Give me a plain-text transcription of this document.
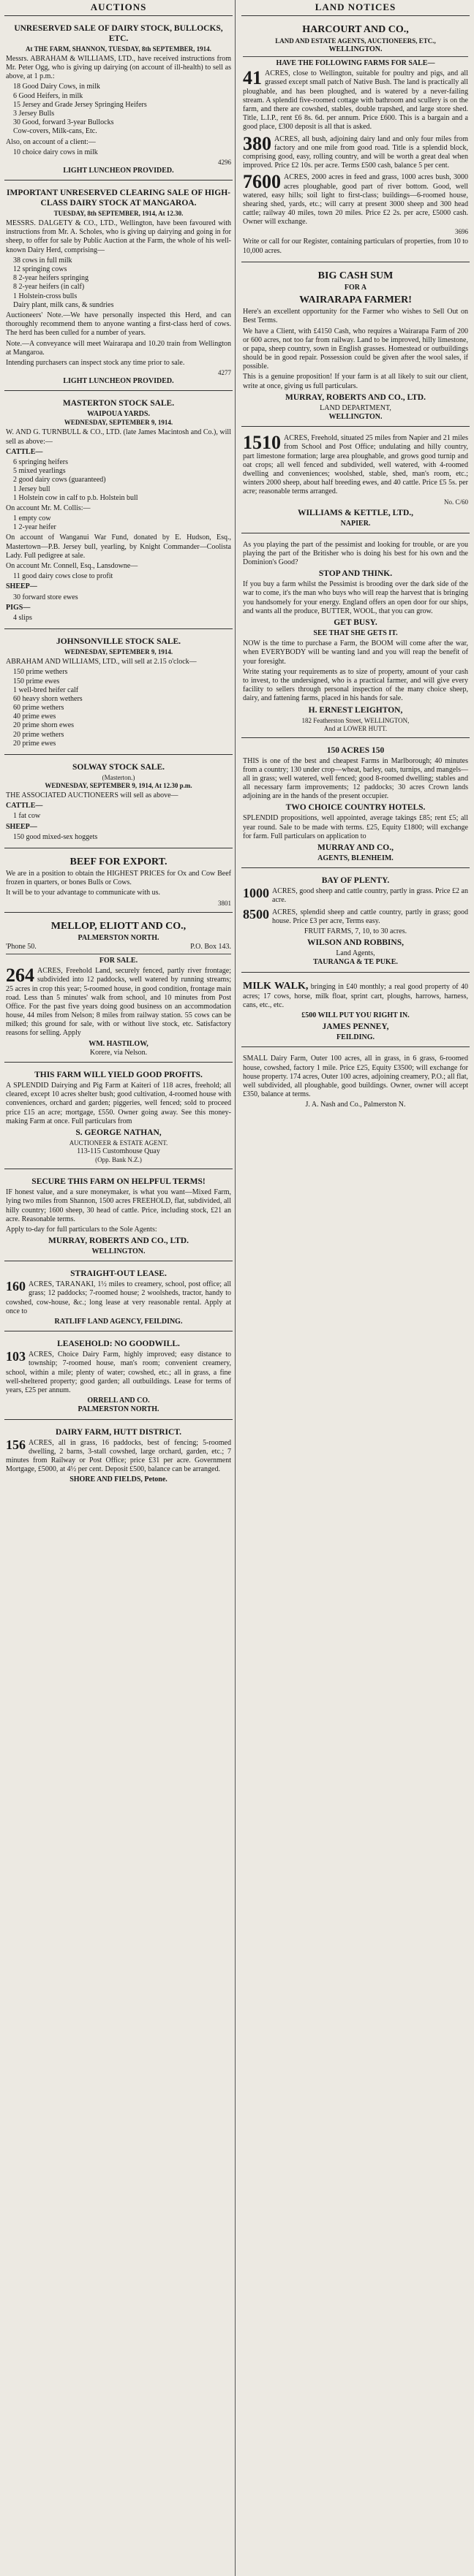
AUCTIONS
UNRESERVED SALE OF DAIRY STOCK, BULLOCKS, ETC.
At THE FARM, SHANNON, TUESDAY, 8th SEPTEMBER, 1914.
Messrs. ABRAHAM & WILLIAMS, LTD., have received instructions from Mr. Peter Ogg, who is giving up dairying (on account of ill-health) to sell as above, at 1 p.m.:
18 Good Dairy Cows, in milk
6 Good Heifers, in milk
15 Jersey and Grade Jersey Springing Heifers
3 Jersey Bulls
30 Good, forward 3-year Bullocks
Cow-covers, Milk-cans, Etc.
Also, on account of a client:—
10 choice dairy cows in milk
4296
LIGHT LUNCHEON PROVIDED.
IMPORTANT UNRESERVED CLEARING SALE OF HIGH-CLASS DAIRY STOCK AT MANGAROA.
TUESDAY, 8th SEPTEMBER, 1914, At 12.30.
MESSRS. DALGETY & CO., LTD., Wellington, have been favoured with instructions from Mr. A. Scholes, who is giving up dairying and going in for sheep, to offer for sale by Public Auction at the Farm, the whole of his well-known Dairy Herd, comprising—
38 cows in full milk
12 springing cows
8 2-year heifers springing
8 2-year heifers (in calf)
1 Holstein-cross bulls
Dairy plant, milk cans, & sundries
Auctioneers' Note.—We have personally inspected this Herd, and can thoroughly recommend them to anyone wanting a first-class herd of cows. The herd has been culled for a number of years.
Note.—A conveyance will meet Wairarapa and 10.20 train from Wellington at Mangaroa.
Intending purchasers can inspect stock any time prior to sale.
4277
LIGHT LUNCHEON PROVIDED.
MASTERTON STOCK SALE.
WAIPOUA YARDS.
WEDNESDAY, SEPTEMBER 9, 1914.
W. AND G. TURNBULL & CO., LTD. (late James Macintosh and Co.), will sell as above:—
CATTLE—
6 springing heifers
5 mixed yearlings
2 good dairy cows (guaranteed)
1 Jersey bull
1 Holstein cow in calf to p.b. Holstein bull
On account Mr. M. Collis:—
1 empty cow
1 2-year heifer
On account of Wanganui War Fund, donated by E. Hudson, Esq., Mastertown—P.B. Jersey bull, yearling, by Knight Commander—Coolista Lady. Full pedigree at sale.
On account Mr. Connell, Esq., Lansdowne—
11 good dairy cows close to profit
SHEEP—
30 forward store ewes
PIGS—
4 slips
JOHNSONVILLE STOCK SALE.
WEDNESDAY, SEPTEMBER 9, 1914.
ABRAHAM AND WILLIAMS, LTD., will sell at 2.15 o'clock—
150 prime wethers
150 prime ewes
1 well-bred heifer calf
60 heavy shorn wethers
60 prime wethers
40 prime ewes
20 prime shorn ewes
20 prime wethers
20 prime ewes
SOLWAY STOCK SALE.
(Masterton.)
WEDNESDAY, SEPTEMBER 9, 1914, At 12.30 p.m.
THE ASSOCIATED AUCTIONEERS will sell as above—
CATTLE—
1 fat cow
SHEEP—
150 good mixed-sex hoggets
BEEF FOR EXPORT.
We are in a position to obtain the HIGHEST PRICES for Ox and Cow Beef frozen in quarters, or bones Bulls or Cows.
It will be to your advantage to communicate with us.
3801
MELLOP, ELIOTT AND CO.,
PALMERSTON NORTH.
'Phone 50.	P.O. Box 143.
FOR SALE.
264 ACRES, Freehold Land, securely fenced, partly river frontage; subdivided into 12 paddocks, well watered by running streams; 25 acres in crop this year; 5-roomed house, in good condition, frontage main road. Less than 5 minutes' walk from school, and 10 minutes from Post Office. For the past five years doing good business on an accommodation house, 44 miles from Nelson; 8 miles from railway station. 55 cows can be milked; this ground for sale, with or without live stock, etc. Satisfactory reasons for selling. Apply
WM. HASTILOW,
Korere, via Nelson.
THIS FARM WILL YIELD GOOD PROFITS.
A SPLENDID Dairying and Pig Farm at Kaiteri of 118 acres, freehold; all cleared, except 10 acres shelter bush; good cultivation, 4-roomed house with conveniences, orchard and garden; piggeries, well fenced; sold to proceed price £15 an acre; mortgage, £550. Owner going away. See this money-making Farm at once. Full particulars from
S. GEORGE NATHAN,
AUCTIONEER & ESTATE AGENT.
113-115 Customhouse Quay
(Opp. Bank N.Z.)
SECURE THIS FARM ON HELPFUL TERMS!
IF honest value, and a sure moneymaker, is what you want—Mixed Farm, lying two miles from Shannon, 1500 acres FREEHOLD, flat, subdivided, all hilly country; 1600 sheep, 30 head of cattle. Price, including stock, £21 an acre. Reasonable terms.
Apply to-day for full particulars to the Sole Agents:
MURRAY, ROBERTS AND CO., LTD.
WELLINGTON.
STRAIGHT-OUT LEASE.
160 ACRES, TARANAKI, 1½ miles to creamery, school, post office; all grass; 12 paddocks; 7-roomed house; 2 woolsheds, tractor, handy to cowshed, cow-house, &c.; long lease at very reasonable rental. Apply at once to
RATLIFF LAND AGENCY, FEILDING.
LEASEHOLD: NO GOODWILL.
103 ACRES, Choice Dairy Farm, highly improved; easy distance to township; 7-roomed house, man's room; convenient creamery, school, within a mile; plenty of water; cowshed, etc.; all in grass, a fine well-sheltered property; good garden; all outbuildings. Lease for terms of years, £25 per annum.
ORRELL AND CO.
PALMERSTON NORTH.
DAIRY FARM, HUTT DISTRICT.
156 ACRES, all in grass, 16 paddocks, best of fencing; 5-roomed dwelling, 2 barns, 3-stall cowshed, large orchard, garden, etc.; 7 minutes from Railway or Post Office; price £31 per acre. Government Mortgage, £5000, at 4½ per cent. Deposit £500, balance can be arranged.
SHORE AND FIELDS, Petone.
LAND NOTICES
HARCOURT AND CO.,
LAND AND ESTATE AGENTS, AUCTIONEERS, ETC.,
WELLINGTON.
HAVE THE FOLLOWING FARMS FOR SALE—
41 ACRES, close to Wellington, suitable for poultry and pigs, and all grassed except small patch of Native Bush. The land is practically all ploughable, and has been ploughed, and is watered by a never-failing stream. A splendid five-roomed cottage with bathroom and scullery is on the farm, and there are cowshed, stables, double trapshed, and large store shed. Title, L.I.P., rent £6 8s. 6d. per annum. Price £600. This is a bargain and a good place, £300 deposit is all that is asked.
380 ACRES, all bush, adjoining dairy land and only four miles from factory and one mile from good road. Title is a splendid block, comprising good, easy, rolling country, and will be worth a great deal when improved. Price £2 10s. per acre. Terms £500 cash, balance 5 per cent.
7600 ACRES, 2000 acres in feed and grass, 1000 acres bush, 3000 acres ploughable, good part of river bottom. Good, well watered, easy hills; soil light to first-class; buildings—6-roomed house, shearing shed, yards, etc.; will carry at present 3000 sheep and 300 head cattle; railway 40 miles, town 20 miles. Price £2 2s. per acre, £5000 cash. Owner will exchange.
3696
Write or call for our Register, containing particulars of properties, from 10 to 10,000 acres.
BIG CASH SUM
FOR A
WAIRARAPA FARMER!
Here's an excellent opportunity for the Farmer who wishes to Sell Out on Best Terms.
We have a Client, with £4150 Cash, who requires a Wairarapa Farm of 200 or 600 acres, not too far from railway. Land to be improved, hilly limestone, or papa, sheep country, sown in English grasses. Homestead or outbuildings should be in good repair. Possession could be given after the wool sales, if possible.
This is a genuine proposition! If your farm is at all likely to suit our client, write at once, giving us full particulars.
MURRAY, ROBERTS AND CO., LTD.
LAND DEPARTMENT,
WELLINGTON.
1510 ACRES, Freehold, situated 25 miles from Napier and 21 miles from School and Post Office; undulating and hilly country, part limestone formation; large area ploughable, and grows good turnip and oat crops; all well fenced and subdivided, well watered, with 4-roomed dwelling and conveniences; woolshed, stable, shed, man's room, etc.; winters 2000 sheep, about half breeding ewes, and 40 cattle. Price £5 5s. per acre; reasonable terms arranged.
No. C/60
WILLIAMS & KETTLE, LTD.,
NAPIER.
As you playing the part of the pessimist and looking for trouble, or are you playing the part of the Britisher who is doing his best for his own and the Dominion's Good?
STOP AND THINK.
If you buy a farm whilst the Pessimist is brooding over the dark side of the war to come, it's the man who buys who will reap the harvest that is bringing you handsomely for your energy. England offers an open door for our ships, and wants all the produce, BUTTER, WOOL, that you can grow.
GET BUSY.
SEE THAT SHE GETS IT.
NOW is the time to purchase a Farm, the BOOM will come after the war, when EVERYBODY will be wanting land and you will reap the benefit of your foresight.
Write stating your requirements as to size of property, amount of your cash to invest, to the undersigned, who is a practical farmer, and will give every facility to sellers through personal inspection of the many choice sheep, dairy, and fattening farms, placed in his hands for sale.
H. ERNEST LEIGHTON,
182 Featherston Street, WELLINGTON,
And at LOWER HUTT.
150 ACRES 150
THIS is one of the best and cheapest Farms in Marlborough; 40 minutes from a country; 130 under crop—wheat, barley, oats, turnips, and mangels—all in grass; well watered, well fenced; good 8-roomed dwelling; stables and all necessary farm improvements; 12 paddocks; 30 acres Crown lands adjoining are in the hands of the present occupier.
TWO CHOICE COUNTRY HOTELS.
SPLENDID propositions, well appointed, average takings £85; rent £5; all year round. Sale to be made with terms. £25, Equity £1800; will exchange for farm. Full particulars on application to
MURRAY AND CO.,
AGENTS, BLENHEIM.
BAY OF PLENTY.
1000 ACRES, good sheep and cattle country, partly in grass. Price £2 an acre.
8500 ACRES, splendid sheep and cattle country, partly in grass; good house. Price £3 per acre, Terms easy.
FRUIT FARMS, 7, 10, to 30 acres.
WILSON AND ROBBINS,
Land Agents,
TAURANGA & TE PUKE.
MILK WALK, bringing in £40 monthly; a real good property of 40 acres; 17 cows, horse, milk float, sprint cart, ploughs, harrows, harness, cans, etc., etc.
£500 WILL PUT YOU RIGHT IN.
JAMES PENNEY,
FEILDING.
SMALL Dairy Farm, Outer 100 acres, all in grass, in 6 grass, 6-roomed house, cowshed, factory 1 mile. Price £25, Equity £3500; will exchange for house property. 174 acres, Outer 100 acres, adjoining creamery, P.O.; all flat, well subdivided, all ploughable, good buildings. Owner, owner will accept £350, balance at terms.
J. A. Nash and Co., Palmerston N.
